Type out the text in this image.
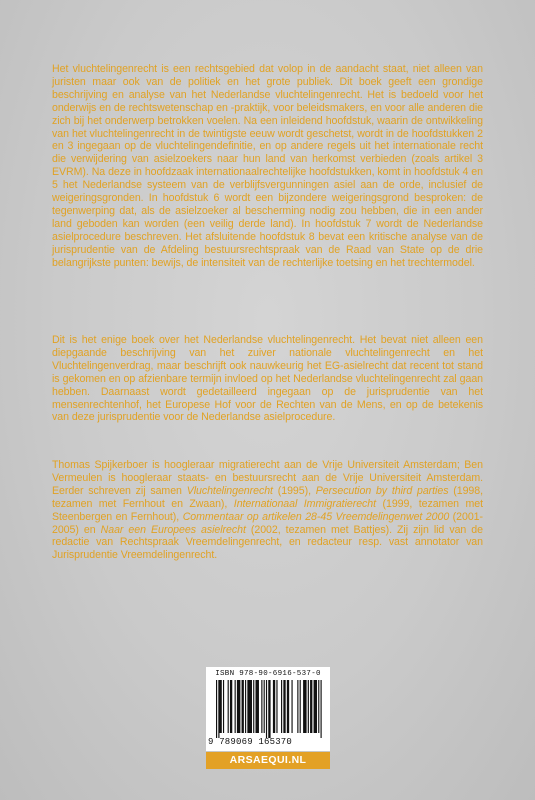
Het vluchtelingenrecht is een rechtsgebied dat volop in de aandacht staat, niet alleen van juristen maar ook van de politiek en het grote publiek. Dit boek geeft een grondige beschrijving en analyse van het Nederlandse vluchtelingenrecht. Het is bedoeld voor het onderwijs en de rechtswetenschap en -praktijk, voor beleidsmakers, en voor alle anderen die zich bij het onderwerp betrokken voelen. Na een inleidend hoofdstuk, waarin de ontwikkeling van het vluchtelingenrecht in de twintigste eeuw wordt geschetst, wordt in de hoofdstukken 2 en 3 ingegaan op de vluchtelingendefinitie, en op andere regels uit het internationale recht die verwijdering van asielzoekers naar hun land van herkomst verbieden (zoals artikel 3 EVRM). Na deze in hoofdzaak internationaalrechtelijke hoofdstukken, komt in hoofdstuk 4 en 5 het Nederlandse systeem van de verblijfsvergunningen asiel aan de orde, inclusief de weigeringsgronden. In hoofdstuk 6 wordt een bijzondere weigeringsgrond besproken: de tegenwerping dat, als de asielzoeker al bescherming nodig zou hebben, die in een ander land geboden kan worden (een veilig derde land). In hoofdstuk 7 wordt de Nederlandse asielprocedure beschreven. Het afsluitende hoofdstuk 8 bevat een kritische analyse van de jurisprudentie van de Afdeling bestuursrechtspraak van de Raad van State op de drie belangrijkste punten: bewijs, de intensiteit van de rechterlijke toetsing en het trechtermodel.

Dit is het enige boek over het Nederlandse vluchtelingenrecht. Het bevat niet alleen een diepgaande beschrijving van het zuiver nationale vluchtelingenrecht en het Vluchtelingenverdrag, maar beschrijft ook nauwkeurig het EG-asielrecht dat recent tot stand is gekomen en op afzienbare termijn invloed op het Nederlandse vluchtelingenrecht zal gaan hebben. Daarnaast wordt gedetailleerd ingegaan op de jurisprudentie van het mensenrechtenhof, het Europese Hof voor de Rechten van de Mens, en op de betekenis van deze jurisprudentie voor de Nederlandse asielprocedure.

Thomas Spijkerboer is hoogleraar migratierecht aan de Vrije Universiteit Amsterdam; Ben Vermeulen is hoogleraar staats- en bestuursrecht aan de Vrije Universiteit Amsterdam. Eerder schreven zij samen Vluchtelingenrecht (1995), Persecution by third parties (1998, tezamen met Fernhout en Zwaan), Internationaal Immigratierecht (1999, tezamen met Steenbergen en Fernhout), Commentaar op artikelen 28-45 Vreemdelingenwet 2000 (2001-2005) en Naar een Europees asielrecht (2002, tezamen met Battjes). Zij zijn lid van de redactie van Rechtspraak Vreemdelingenrecht, en redacteur resp. vast annotator van Jurisprudentie Vreemdelingenrecht.

ISBN 978-90-6916-537-0
9 789069 165370
ARSAEQUI.NL
